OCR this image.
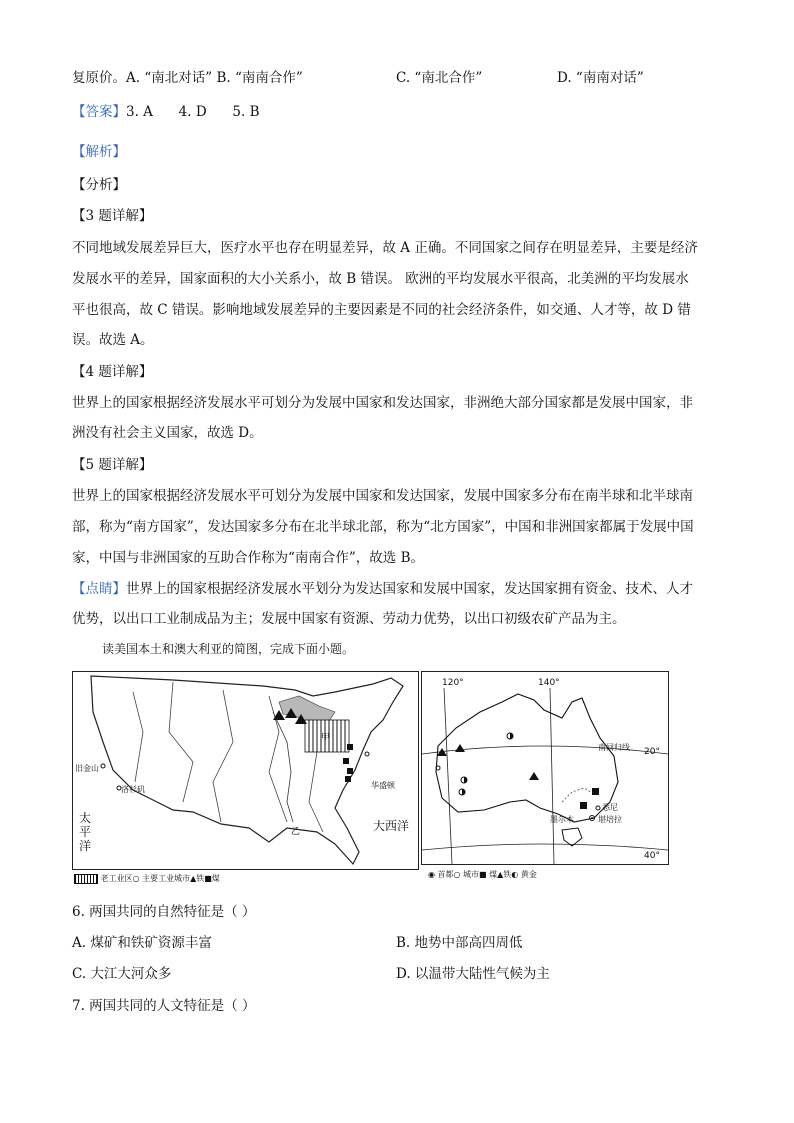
复原价。A. “南北对话” B. “南南合作”	C. “南北合作”	D. “南南对话”
【答案】3. A      4. D      5. B
【解析】
【分析】
【3 题详解】
不同地域发展差异巨大，医疗水平也存在明显差异，故 A 正确。不同国家之间存在明显差异，主要是经济
发展水平的差异，国家面积的大小关系小，故 B 错误。 欧洲的平均发展水平很高，北美洲的平均发展水
平也很高，故 C 错误。影响地域发展差异的主要因素是不同的社会经济条件，如交通、人才等，故 D 错
误。故选 A。
【4 题详解】
世界上的国家根据经济发展水平可划分为发展中国家和发达国家，非洲绝大部分国家都是发展中国家，非
洲没有社会主义国家，故选 D。
【5 题详解】
世界上的国家根据经济发展水平可划分为发展中国家和发达国家，发展中国家多分布在南半球和北半球南
部，称为“南方国家”，发达国家多分布在北半球北部，称为“北方国家”，中国和非洲国家都属于发展中国
家，中国与非洲国家的互助合作称为“南南合作”，故选 B。
【点睛】世界上的国家根据经济发展水平划分为发达国家和发展中国家，发达国家拥有资金、技术、人才
优势，以出口工业制成品为主；发展中国家有资源、劳动力优势，以出口初级农矿产品为主。
读美国本土和澳大利亚的简图，完成下面小题。
甲
旧金山
洛杉矶	华盛顿
乙	大西洋
太
平
洋
老工业区○ 主要工业城市▲铁■煤
120°	140°
南回归线 20°
40°
悉尼
堪培拉
墨尔本
◉ 首都○ 城市■ 煤▲铁◐ 黄金
6. 两国共同的自然特征是（ ）
A. 煤矿和铁矿资源丰富	B. 地势中部高四周低
C. 大江大河众多	D. 以温带大陆性气候为主
7. 两国共同的人文特征是（ ）
